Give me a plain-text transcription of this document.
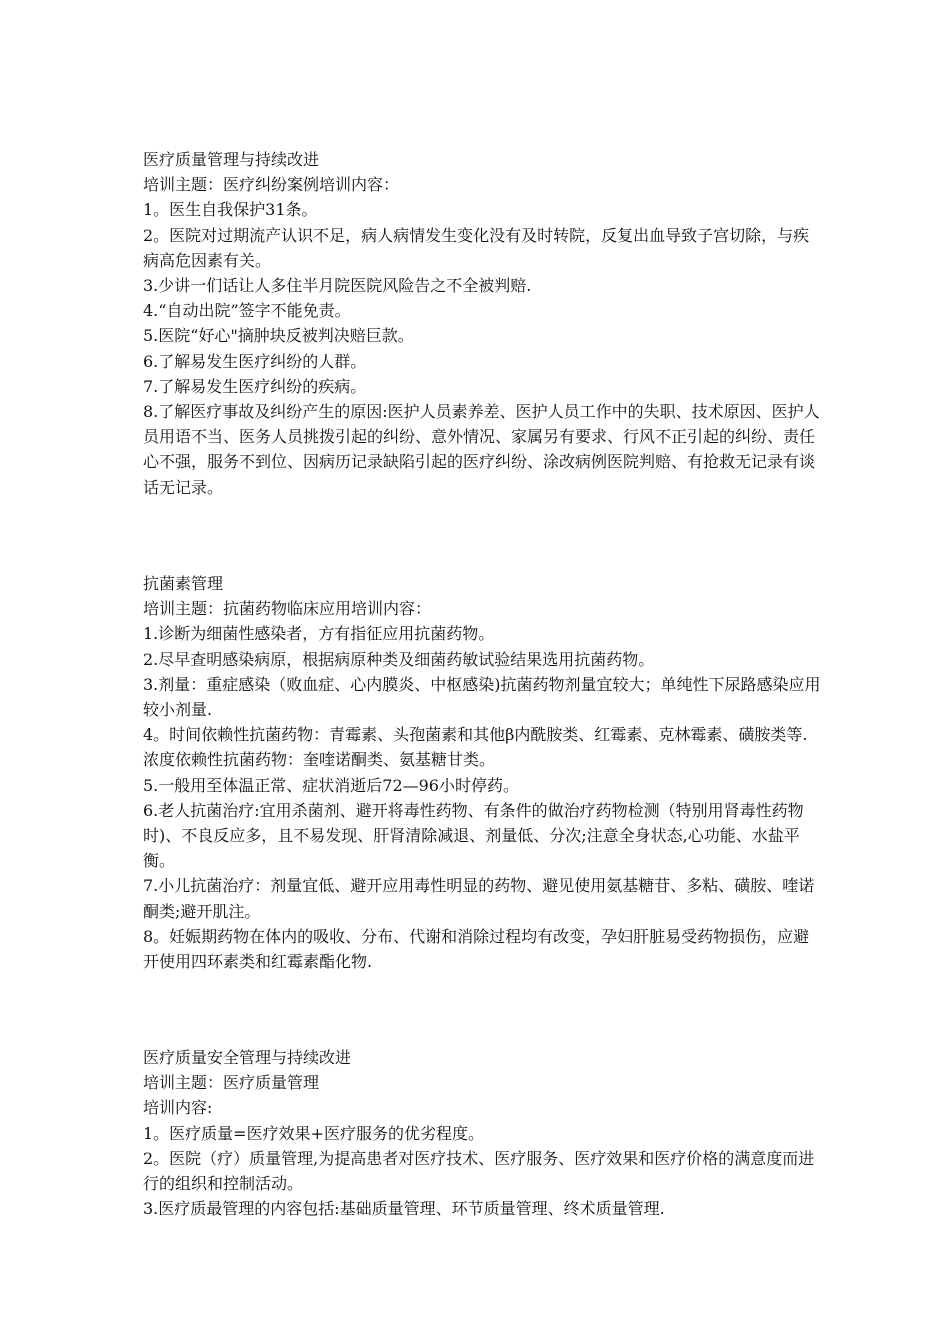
医疗质量管理与持续改进

培训主题：医疗纠纷案例培训内容：

1。医生自我保护31条。

2。医院对过期流产认识不足，病人病情发生变化没有及时转院，反复出血导致子宫切除，与疾病高危因素有关。

3.少讲一们话让人多住半月院医院风险告之不全被判赔.

4.“自动出院”签字不能免责。

5.医院“好心"摘肿块反被判决赔巨款。

6.了解易发生医疗纠纷的人群。

7.了解易发生医疗纠纷的疾病。

8.了解医疗事故及纠纷产生的原因:医护人员素养差、医护人员工作中的失职、技术原因、医护人员用语不当、医务人员挑拨引起的纠纷、意外情况、家属另有要求、行风不正引起的纠纷、责任心不强，服务不到位、因病历记录缺陷引起的医疗纠纷、涂改病例医院判赔、有抢救无记录有谈话无记录。

抗菌素管理

培训主题：抗菌药物临床应用培训内容：

1.诊断为细菌性感染者，方有指征应用抗菌药物。

2.尽早查明感染病原，根据病原种类及细菌药敏试验结果选用抗菌药物。

3.剂量：重症感染（败血症、心内膜炎、中枢感染)抗菌药物剂量宜较大；单纯性下尿路感染应用较小剂量.

4。时间依赖性抗菌药物：青霉素、头孢菌素和其他β内酰胺类、红霉素、克林霉素、磺胺类等.浓度依赖性抗菌药物：奎喹诺酮类、氨基糖甘类。

5.一般用至体温正常、症状消逝后72—96小时停药。

6.老人抗菌治疗:宜用杀菌剂、避开将毒性药物、有条件的做治疗药物检测（特别用肾毒性药物时)、不良反应多，且不易发现、肝肾清除减退、剂量低、分次;注意全身状态,心功能、水盐平衡。

7.小儿抗菌治疗：剂量宜低、避开应用毒性明显的药物、避见使用氨基糖苷、多粘、磺胺、喹诺酮类;避开肌注。

8。妊娠期药物在体内的吸收、分布、代谢和消除过程均有改变，孕妇肝脏易受药物损伤，应避开使用四环素类和红霉素酯化物.

医疗质量安全管理与持续改进

培训主题：医疗质量管理

培训内容:

1。医疗质量=医疗效果+医疗服务的优劣程度。

2。医院（疗）质量管理,为提高患者对医疗技术、医疗服务、医疗效果和医疗价格的满意度而进行的组织和控制活动。

3.医疗质最管理的内容包括:基础质量管理、环节质量管理、终术质量管理.
